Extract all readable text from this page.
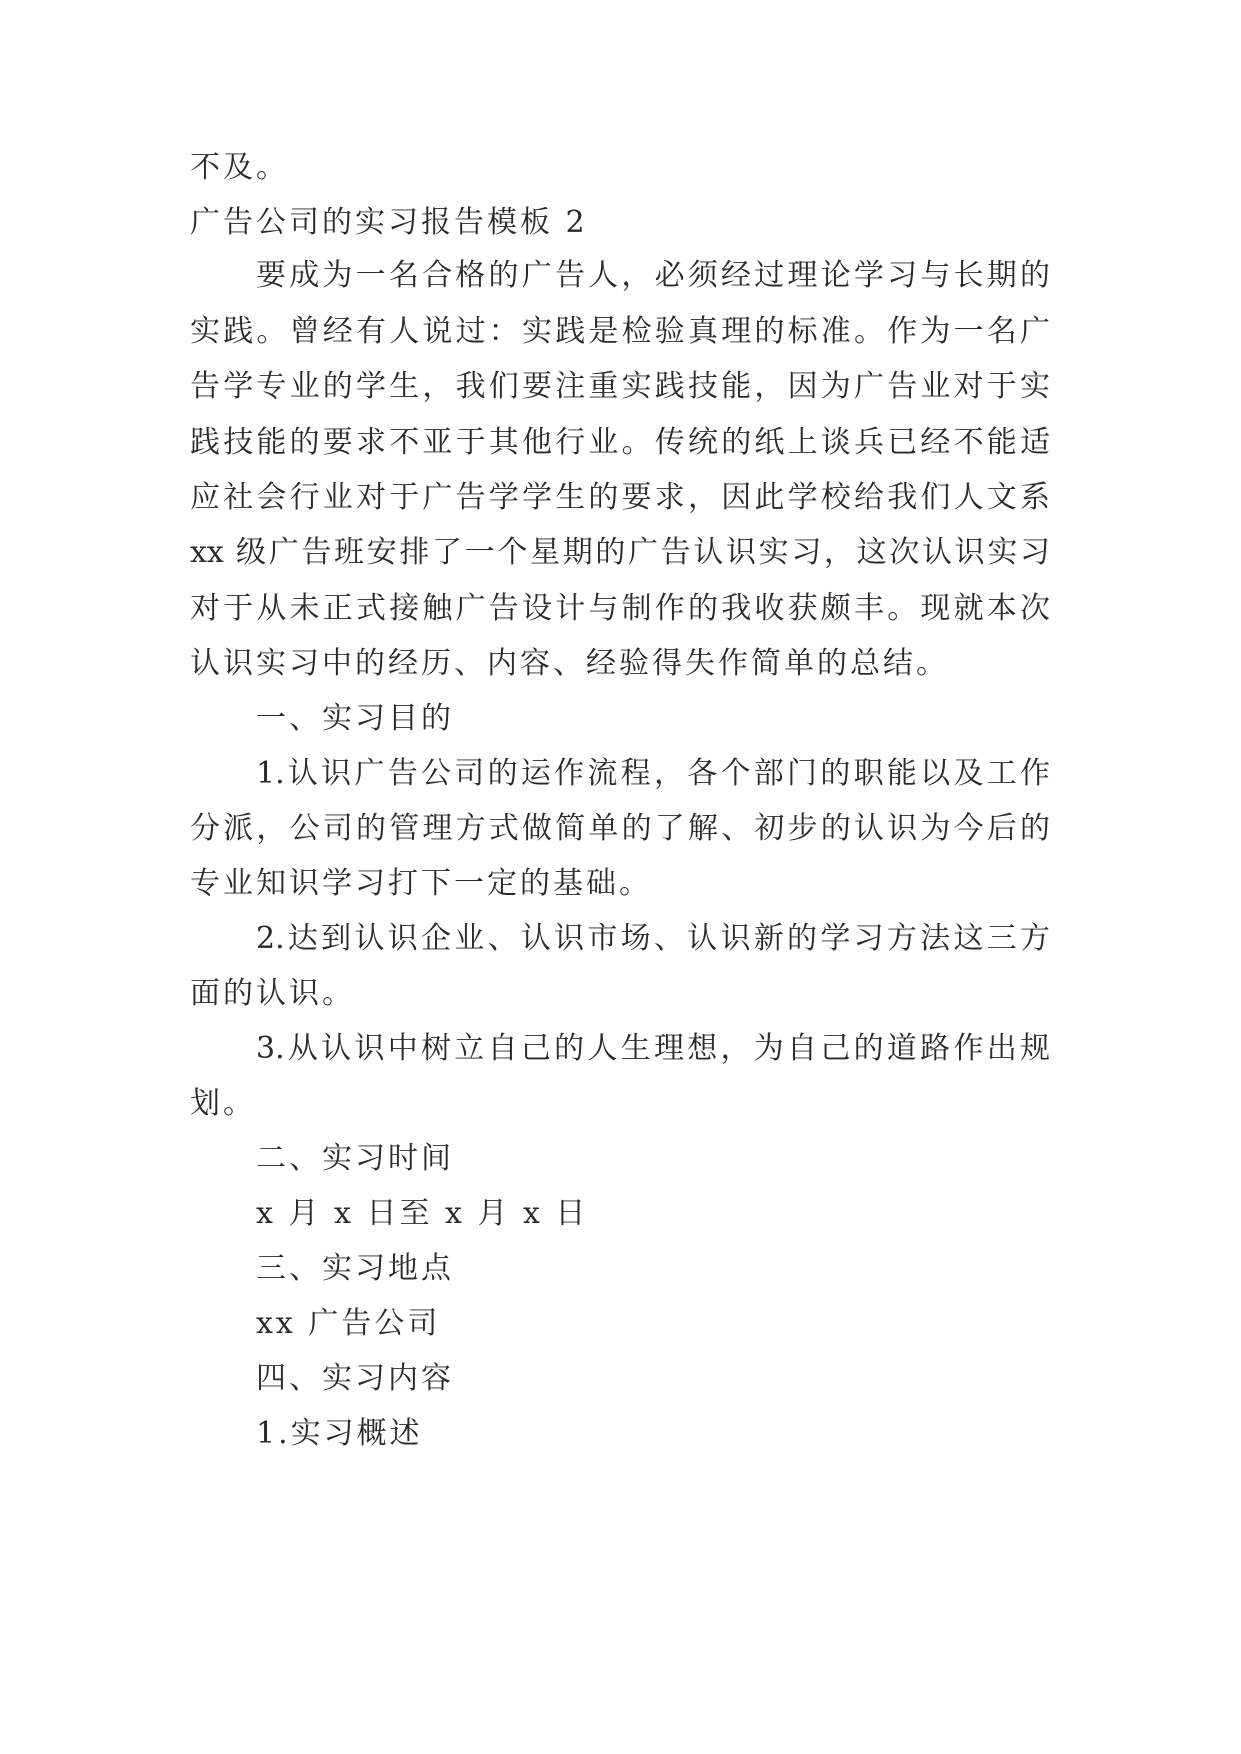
不及。
广告公司的实习报告模板 2
要成为一名合格的广告人，必须经过理论学习与长期的
实践。曾经有人说过：实践是检验真理的标准。作为一名广
告学专业的学生，我们要注重实践技能，因为广告业对于实
践技能的要求不亚于其他行业。传统的纸上谈兵已经不能适
应社会行业对于广告学学生的要求，因此学校给我们人文系
xx 级广告班安排了一个星期的广告认识实习，这次认识实习
对于从未正式接触广告设计与制作的我收获颇丰。现就本次
认识实习中的经历、内容、经验得失作简单的总结。
一、实习目的
1.认识广告公司的运作流程，各个部门的职能以及工作
分派，公司的管理方式做简单的了解、初步的认识为今后的
专业知识学习打下一定的基础。
2.达到认识企业、认识市场、认识新的学习方法这三方
面的认识。
3.从认识中树立自己的人生理想，为自己的道路作出规
划。
二、实习时间
x 月 x 日至 x 月 x 日
三、实习地点
xx 广告公司
四、实习内容
1.实习概述
